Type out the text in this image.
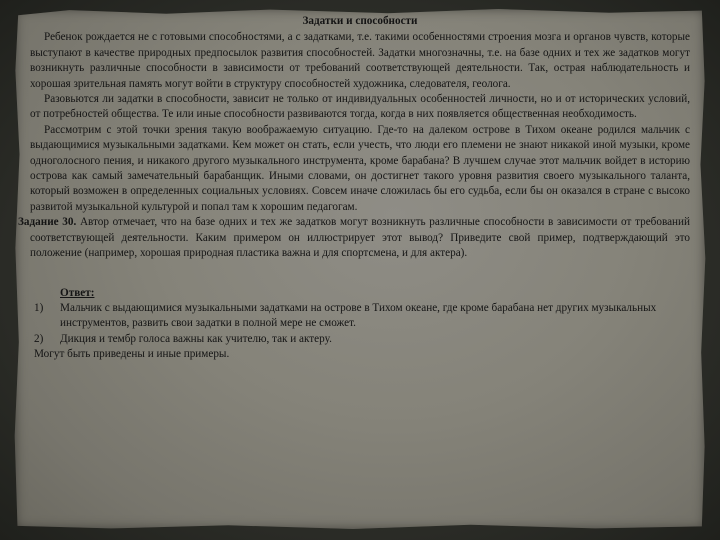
Задатки и способности

Ребенок рождается не с готовыми способностями, а с задатками, т.е. такими особенностями строения мозга и органов чувств, которые выступают в качестве природных предпосылок развития способностей. Задатки многозначны, т.е. на базе одних и тех же задатков могут возникнуть различные способности в зависимости от требований соответствующей деятельности. Так, острая наблюдательность и хорошая зрительная память могут войти в структуру способностей художника, следователя, геолога.

Разовьются ли задатки в способности, зависит не только от индивидуальных особенностей личности, но и от исторических условий, от потребностей общества. Те или иные способности развиваются тогда, когда в них появляется общественная необходимость.

Рассмотрим с этой точки зрения такую воображаемую ситуацию. Где-то на далеком острове в Тихом океане родился мальчик с выдающимися музыкальными задатками. Кем может он стать, если учесть, что люди его племени не знают никакой иной музыки, кроме одноголосного пения, и никакого другого музыкального инструмента, кроме барабана? В лучшем случае этот мальчик войдет в историю острова как самый замечательный барабанщик. Иными словами, он достигнет такого уровня развития своего музыкального таланта, который возможен в определенных социальных условиях. Совсем иначе сложилась бы его судьба, если бы он оказался в стране с высоко развитой музыкальной культурой и попал там к хорошим педагогам.

Задание 30. Автор отмечает, что на базе одних и тех же задатков могут возникнуть различные способности в зависимости от требований соответствующей деятельности. Каким примером он иллюстрирует этот вывод? Приведите свой пример, подтверждающий это положение (например, хорошая природная пластика важна и для спортсмена, и для актера).

Ответ:

1)	Мальчик с выдающимися музыкальными задатками на острове в Тихом океане, где кроме барабана нет других музыкальных инструментов, развить свои задатки в полной мере не сможет.
2)	Дикция и тембр голоса важны как учителю, так и актеру.

Могут быть приведены и иные примеры.
